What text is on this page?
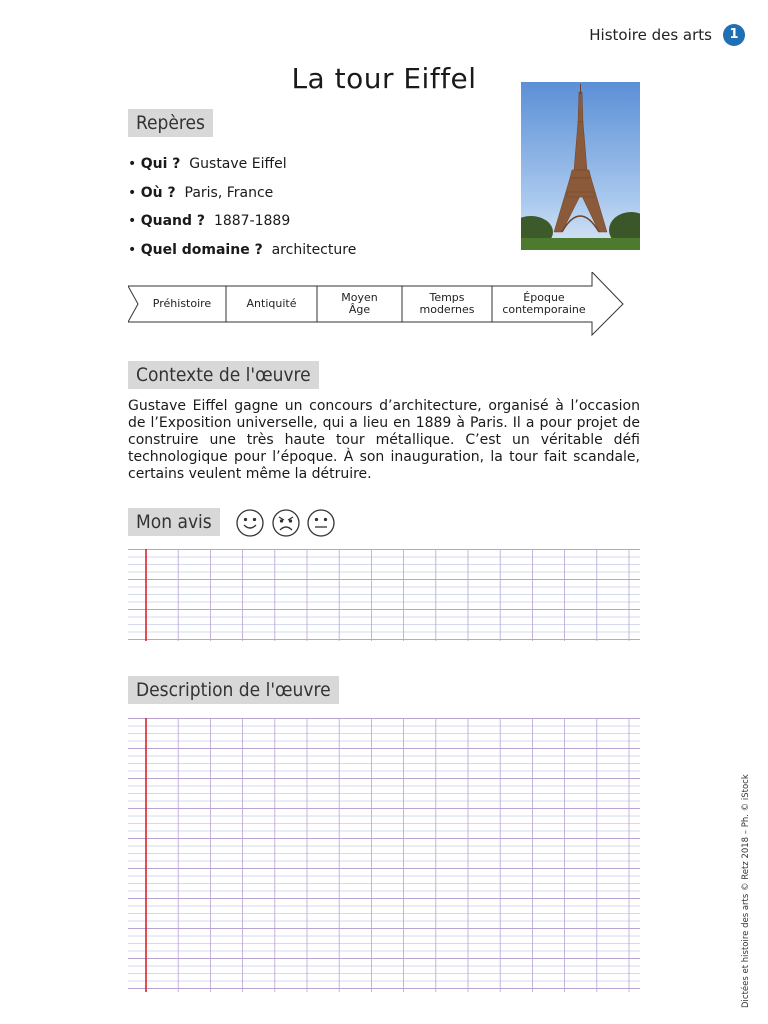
Histoire des arts	1
La tour Eiffel
Repères
• Qui ? Gustave Eiffel
• Où ? Paris, France
• Quand ? 1887-1889
• Quel domaine ? architecture
Préhistoire	Antiquité	Moyen
Âge
Temps
modernes
Époque
contemporaine
Contexte de l'œuvre
Gustave Eiffel gagne un concours d’architecture, organisé à l’occasion de l’Exposition universelle, qui a lieu en 1889 à Paris. Il a pour projet de construire une très haute tour métallique. C’est un véritable défi technologique pour l’époque. À son inauguration, la tour fait scandale, certains veulent même la détruire.
Mon avis
Description de l'œuvre
Dictées et histoire des arts © Retz 2018 – Ph. © iStock
